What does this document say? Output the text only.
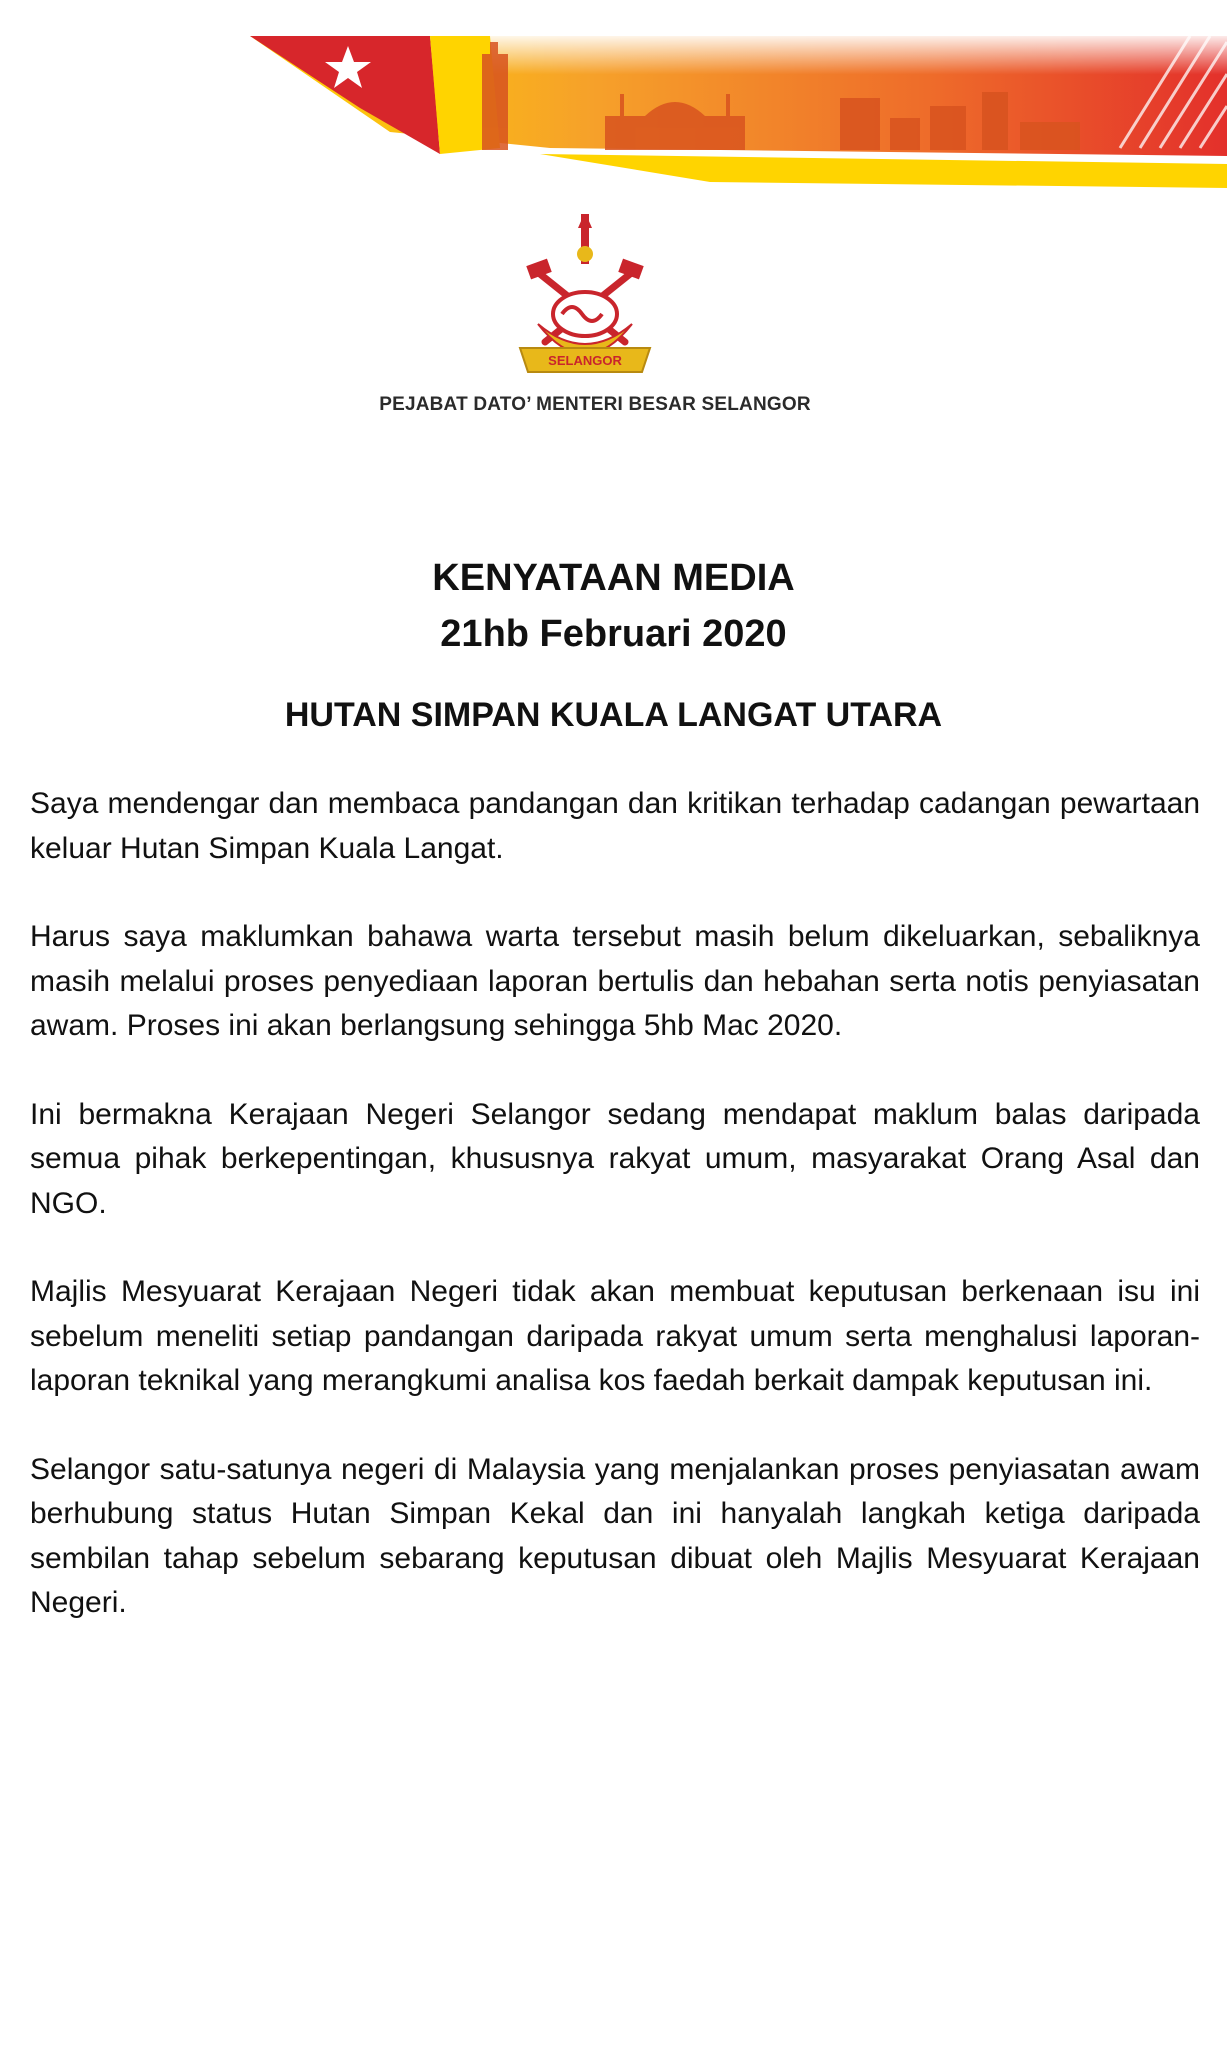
SELANGOR
PEJABAT DATO’ MENTERI BESAR SELANGOR
KENYATAAN MEDIA
21hb Februari 2020
HUTAN SIMPAN KUALA LANGAT UTARA

Saya mendengar dan membaca pandangan dan kritikan terhadap cadangan pewartaan keluar Hutan Simpan Kuala Langat.

Harus saya maklumkan bahawa warta tersebut masih belum dikeluarkan, sebaliknya masih melalui proses penyediaan laporan bertulis dan hebahan serta notis penyiasatan awam. Proses ini akan berlangsung sehingga 5hb Mac 2020.

Ini bermakna Kerajaan Negeri Selangor sedang mendapat maklum balas daripada semua pihak berkepentingan, khususnya rakyat umum, masyarakat Orang Asal dan NGO.

Majlis Mesyuarat Kerajaan Negeri tidak akan membuat keputusan berkenaan isu ini sebelum meneliti setiap pandangan daripada rakyat umum serta menghalusi laporan-laporan teknikal yang merangkumi analisa kos faedah berkait dampak keputusan ini.

Selangor satu-satunya negeri di Malaysia yang menjalankan proses penyiasatan awam berhubung status Hutan Simpan Kekal dan ini hanyalah langkah ketiga daripada sembilan tahap sebelum sebarang keputusan dibuat oleh Majlis Mesyuarat Kerajaan Negeri.
